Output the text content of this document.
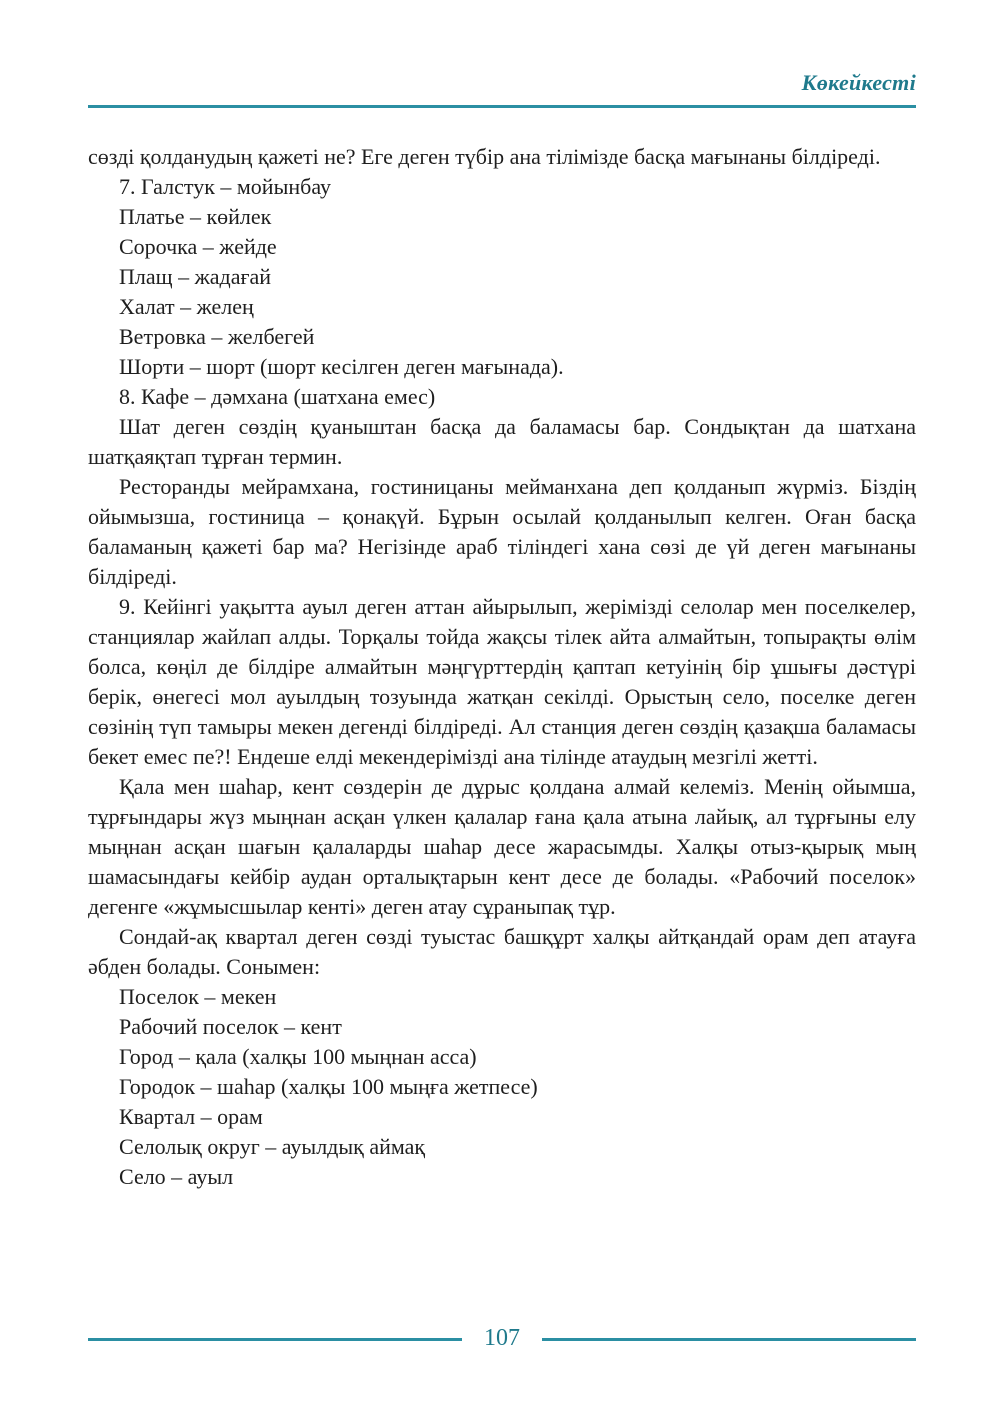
Көкейкесті

сөзді қолданудың қажеті не? Еге деген түбір ана тілімізде басқа мағынаны білдіреді.

7. Галстук – мойынбау

Платье – көйлек

Сорочка – жейде

Плащ – жадағай

Халат – желең

Ветровка – желбегей

Шорти – шорт (шорт кесілген деген мағынада).

8. Кафе – дәмхана (шатхана емес)

Шат деген сөздің қуаныштан басқа да баламасы бар. Сондықтан да шатхана шатқаяқтап тұрған термин.

Ресторанды мейрамхана, гостиницаны мейманхана деп қолданып жүрміз. Біздің ойымызша, гостиница – қонақүй. Бұрын осылай қолданылып келген. Оған басқа баламаның қажеті бар ма? Негізінде араб тіліндегі хана сөзі де үй деген мағынаны білдіреді.

9. Кейінгі уақытта ауыл деген аттан айырылып, жерімізді селолар мен поселкелер, станциялар жайлап алды. Торқалы тойда жақсы тілек айта алмайтын, топырақты өлім болса, көңіл де білдіре алмайтын мәңгүрттердің қаптап кетуінің бір ұшығы дәстүрі берік, өнегесі мол ауылдың тозуында жатқан секілді. Орыстың село, поселке деген сөзінің түп тамыры мекен дегенді білдіреді. Ал станция деген сөздің қазақша баламасы бекет емес пе?! Ендеше елді мекендерімізді ана тілінде атаудың мезгілі жетті.

Қала мен шаһар, кент сөздерін де дұрыс қолдана алмай келеміз. Менің ойымша, тұрғындары жүз мыңнан асқан үлкен қалалар ғана қала атына лайық, ал тұрғыны елу мыңнан асқан шағын қалаларды шаһар десе жарасымды. Халқы отыз-қырық мың шамасындағы кейбір аудан орталықтарын кент десе де болады. «Рабочий поселок» дегенге «жұмысшылар кенті» деген атау сұраныпақ тұр.

Сондай-ақ квартал деген сөзді туыстас башқұрт халқы айтқандай орам деп атауға әбден болады. Сонымен:

Поселок – мекен

Рабочий поселок – кент

Город – қала (халқы 100 мыңнан асса)

Городок – шаһар (халқы 100 мыңға жетпесе)

Квартал – орам

Селолық округ – ауылдық аймақ

Село – ауыл

107
